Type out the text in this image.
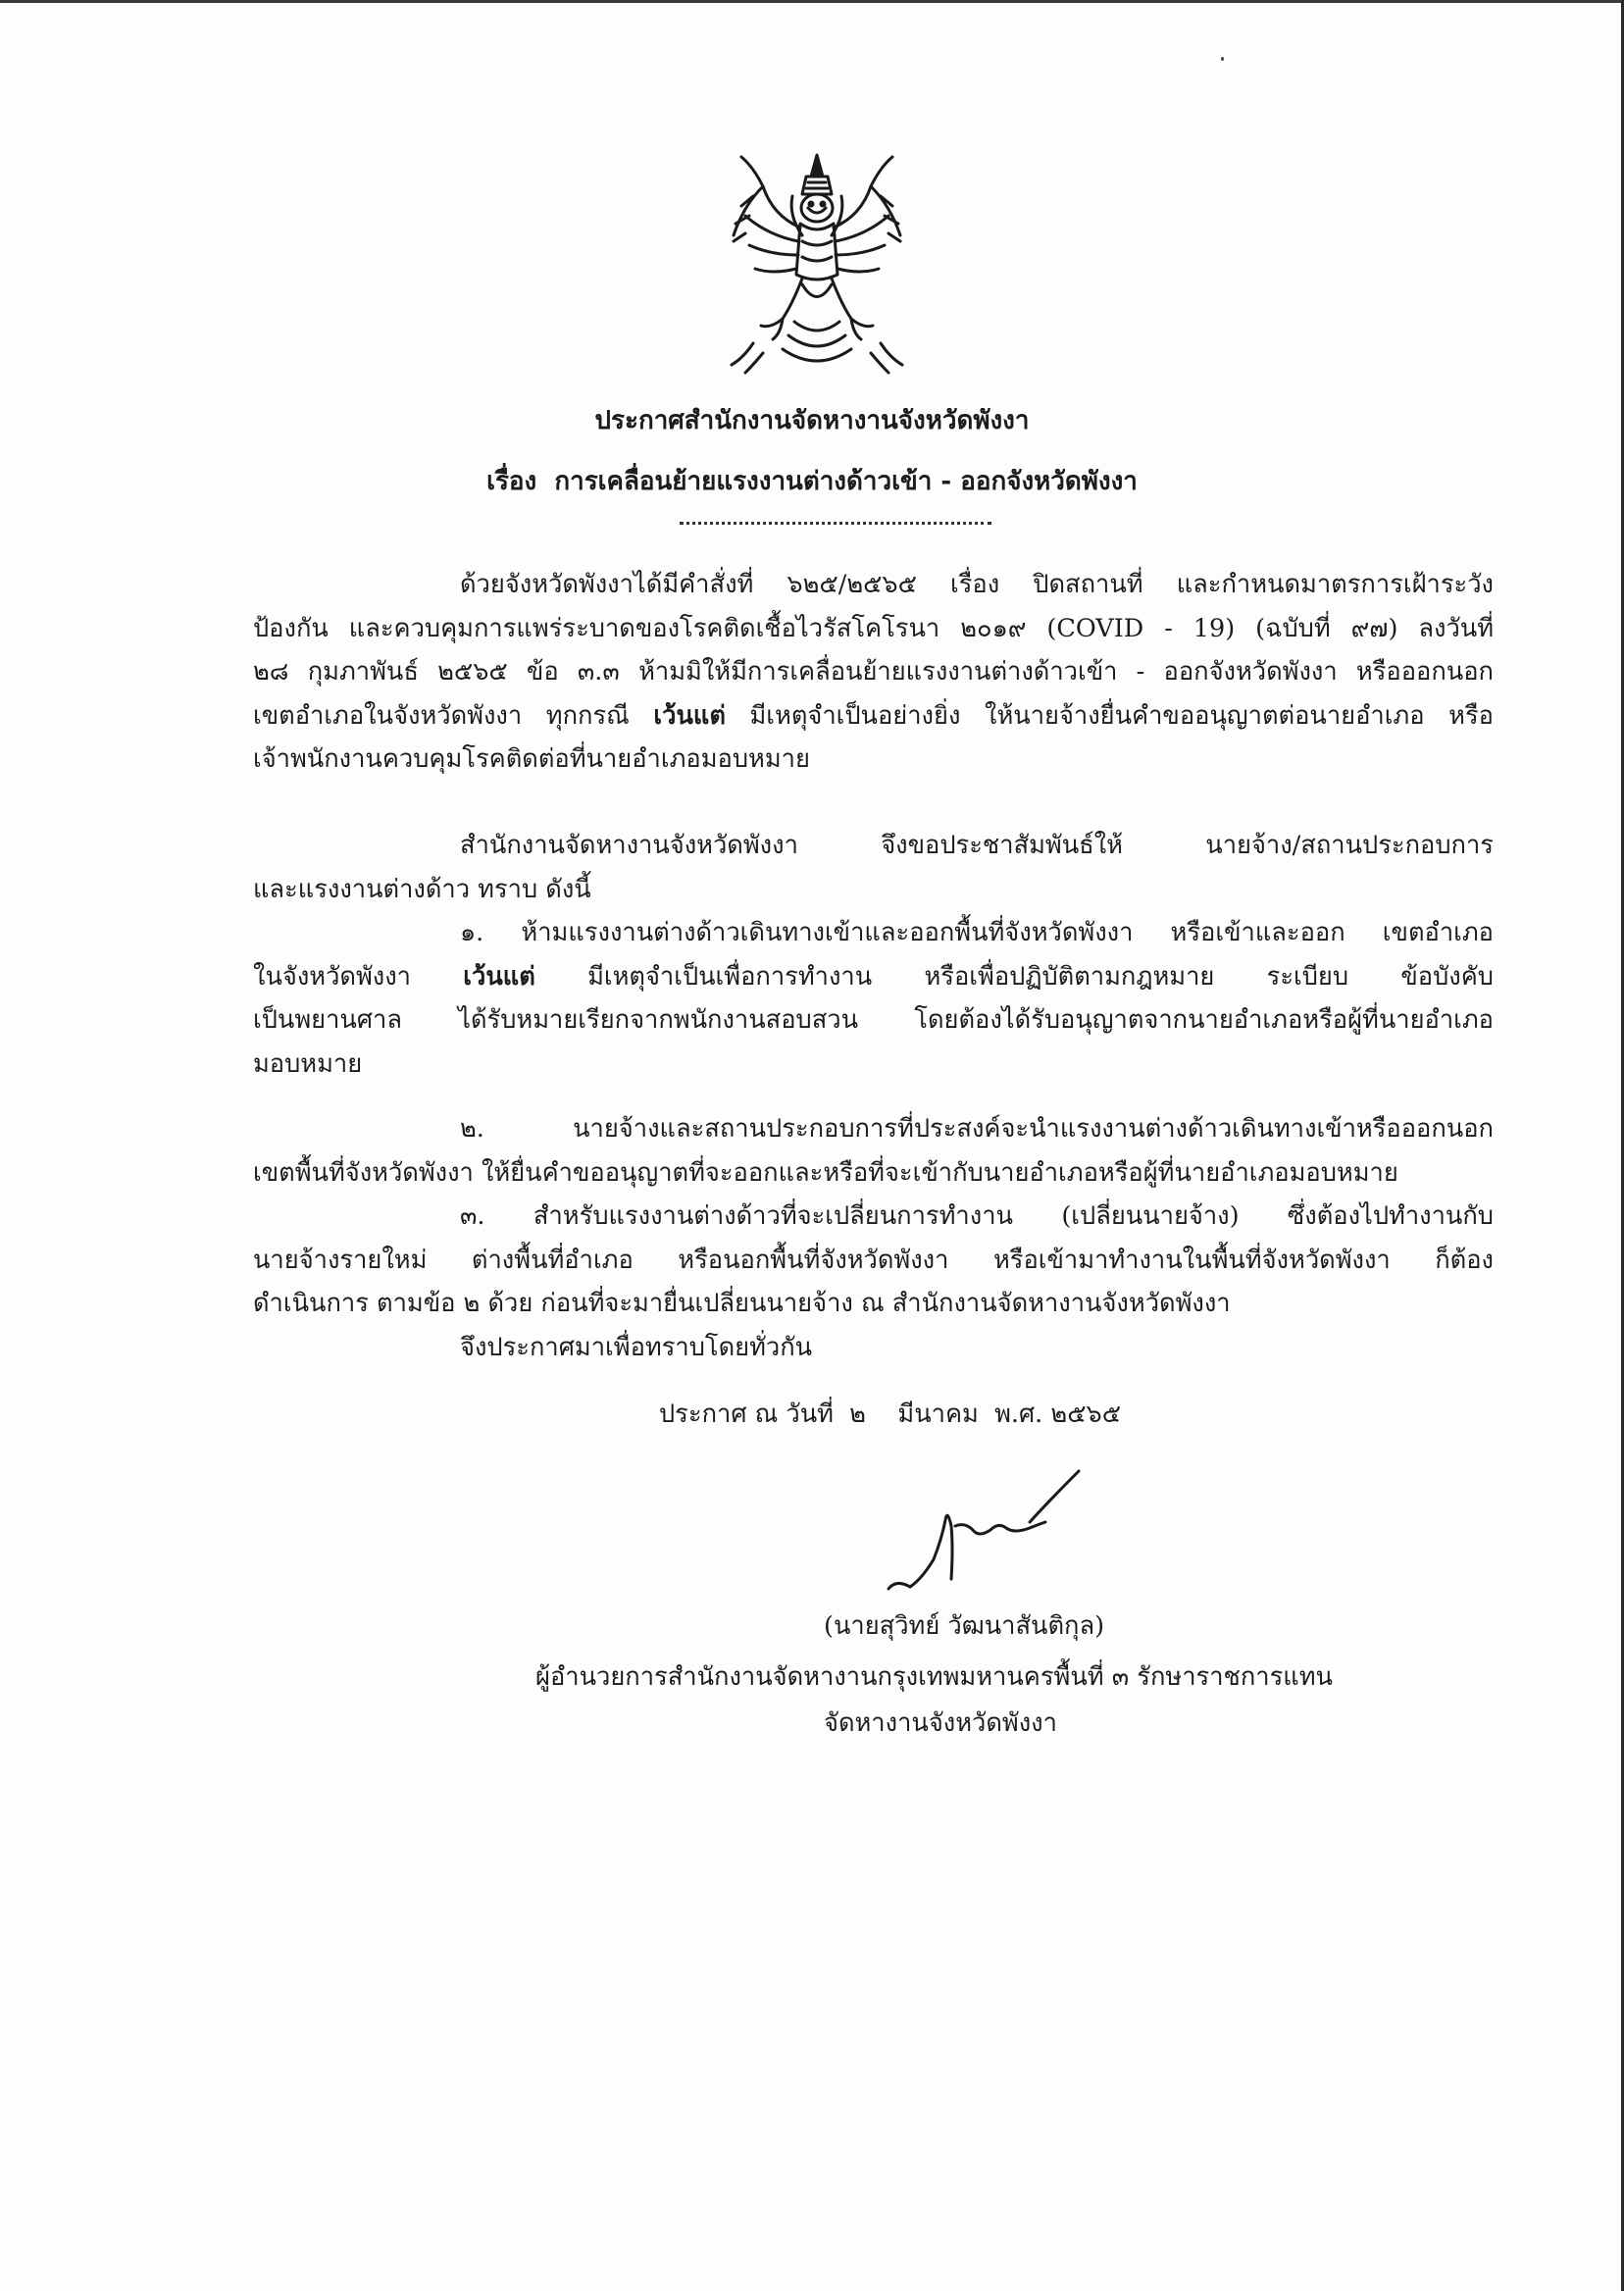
ประกาศสำนักงานจัดหางานจังหวัดพังงา
เรื่อง การเคลื่อนย้ายแรงงานต่างด้าวเข้า - ออกจังหวัดพังงา
ด้วยจังหวัดพังงาได้มีคำสั่งที่ ๖๒๕/๒๕๖๕ เรื่อง ปิดสถานที่ และกำหนดมาตรการเฝ้าระวัง
ป้องกัน และควบคุมการแพร่ระบาดของโรคติดเชื้อไวรัสโคโรนา ๒๐๑๙ (COVID - 19) (ฉบับที่ ๙๗) ลงวันที่
๒๘ กุมภาพันธ์ ๒๕๖๕ ข้อ ๓.๓ ห้ามมิให้มีการเคลื่อนย้ายแรงงานต่างด้าวเข้า - ออกจังหวัดพังงา หรือออกนอก
เขตอำเภอในจังหวัดพังงา ทุกกรณี เว้นแต่ มีเหตุจำเป็นอย่างยิ่ง ให้นายจ้างยื่นคำขออนุญาตต่อนายอำเภอ หรือ
เจ้าพนักงานควบคุมโรคติดต่อที่นายอำเภอมอบหมาย
สำนักงานจัดหางานจังหวัดพังงา จึงขอประชาสัมพันธ์ให้ นายจ้าง/สถานประกอบการ
และแรงงานต่างด้าว ทราบ ดังนี้
๑. ห้ามแรงงานต่างด้าวเดินทางเข้าและออกพื้นที่จังหวัดพังงา หรือเข้าและออก เขตอำเภอ
ในจังหวัดพังงา เว้นแต่ มีเหตุจำเป็นเพื่อการทำงาน หรือเพื่อปฏิบัติตามกฎหมาย ระเบียบ ข้อบังคับ
เป็นพยานศาล ได้รับหมายเรียกจากพนักงานสอบสวน โดยต้องได้รับอนุญาตจากนายอำเภอหรือผู้ที่นายอำเภอ
มอบหมาย
๒. นายจ้างและสถานประกอบการที่ประสงค์จะนำแรงงานต่างด้าวเดินทางเข้าหรือออกนอก
เขตพื้นที่จังหวัดพังงา ให้ยื่นคำขออนุญาตที่จะออกและหรือที่จะเข้ากับนายอำเภอหรือผู้ที่นายอำเภอมอบหมาย
๓. สำหรับแรงงานต่างด้าวที่จะเปลี่ยนการทำงาน (เปลี่ยนนายจ้าง) ซึ่งต้องไปทำงานกับ
นายจ้างรายใหม่ ต่างพื้นที่อำเภอ หรือนอกพื้นที่จังหวัดพังงา หรือเข้ามาทำงานในพื้นที่จังหวัดพังงา ก็ต้อง
ดำเนินการ ตามข้อ ๒ ด้วย ก่อนที่จะมายื่นเปลี่ยนนายจ้าง ณ สำนักงานจัดหางานจังหวัดพังงา
จึงประกาศมาเพื่อทราบโดยทั่วกัน
ประกาศ ณ วันที่ ๒ มีนาคม พ.ศ. ๒๕๖๕
(นายสุวิทย์ วัฒนาสันติกุล)
ผู้อำนวยการสำนักงานจัดหางานกรุงเทพมหานครพื้นที่ ๓ รักษาราชการแทน
จัดหางานจังหวัดพังงา
